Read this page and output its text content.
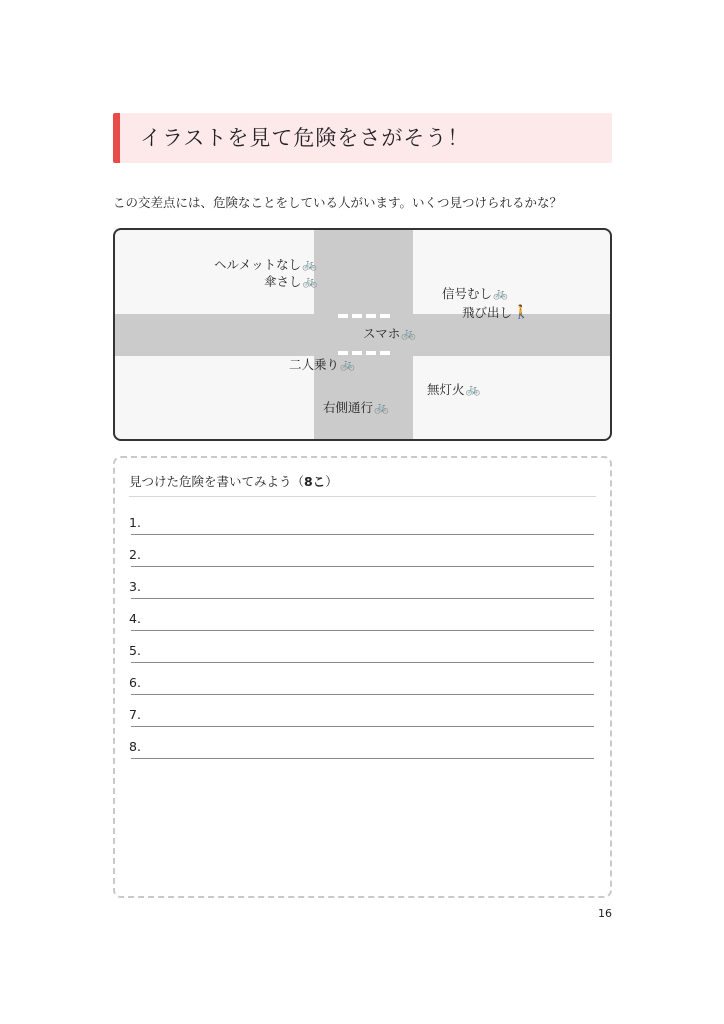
イラストを見て危険をさがそう！
この交差点には、危険なことをしている人がいます。いくつ見つけられるかな？
ヘルメットなし 🚲
傘さし 🚲
信号むし 🚲
飛び出し 🚶
スマホ 🚲
二人乗り 🚲
無灯火 🚲
右側通行 🚲
見つけた危険を書いてみよう（8こ）
1.
2.
3.
4.
5.
6.
7.
8.
16
